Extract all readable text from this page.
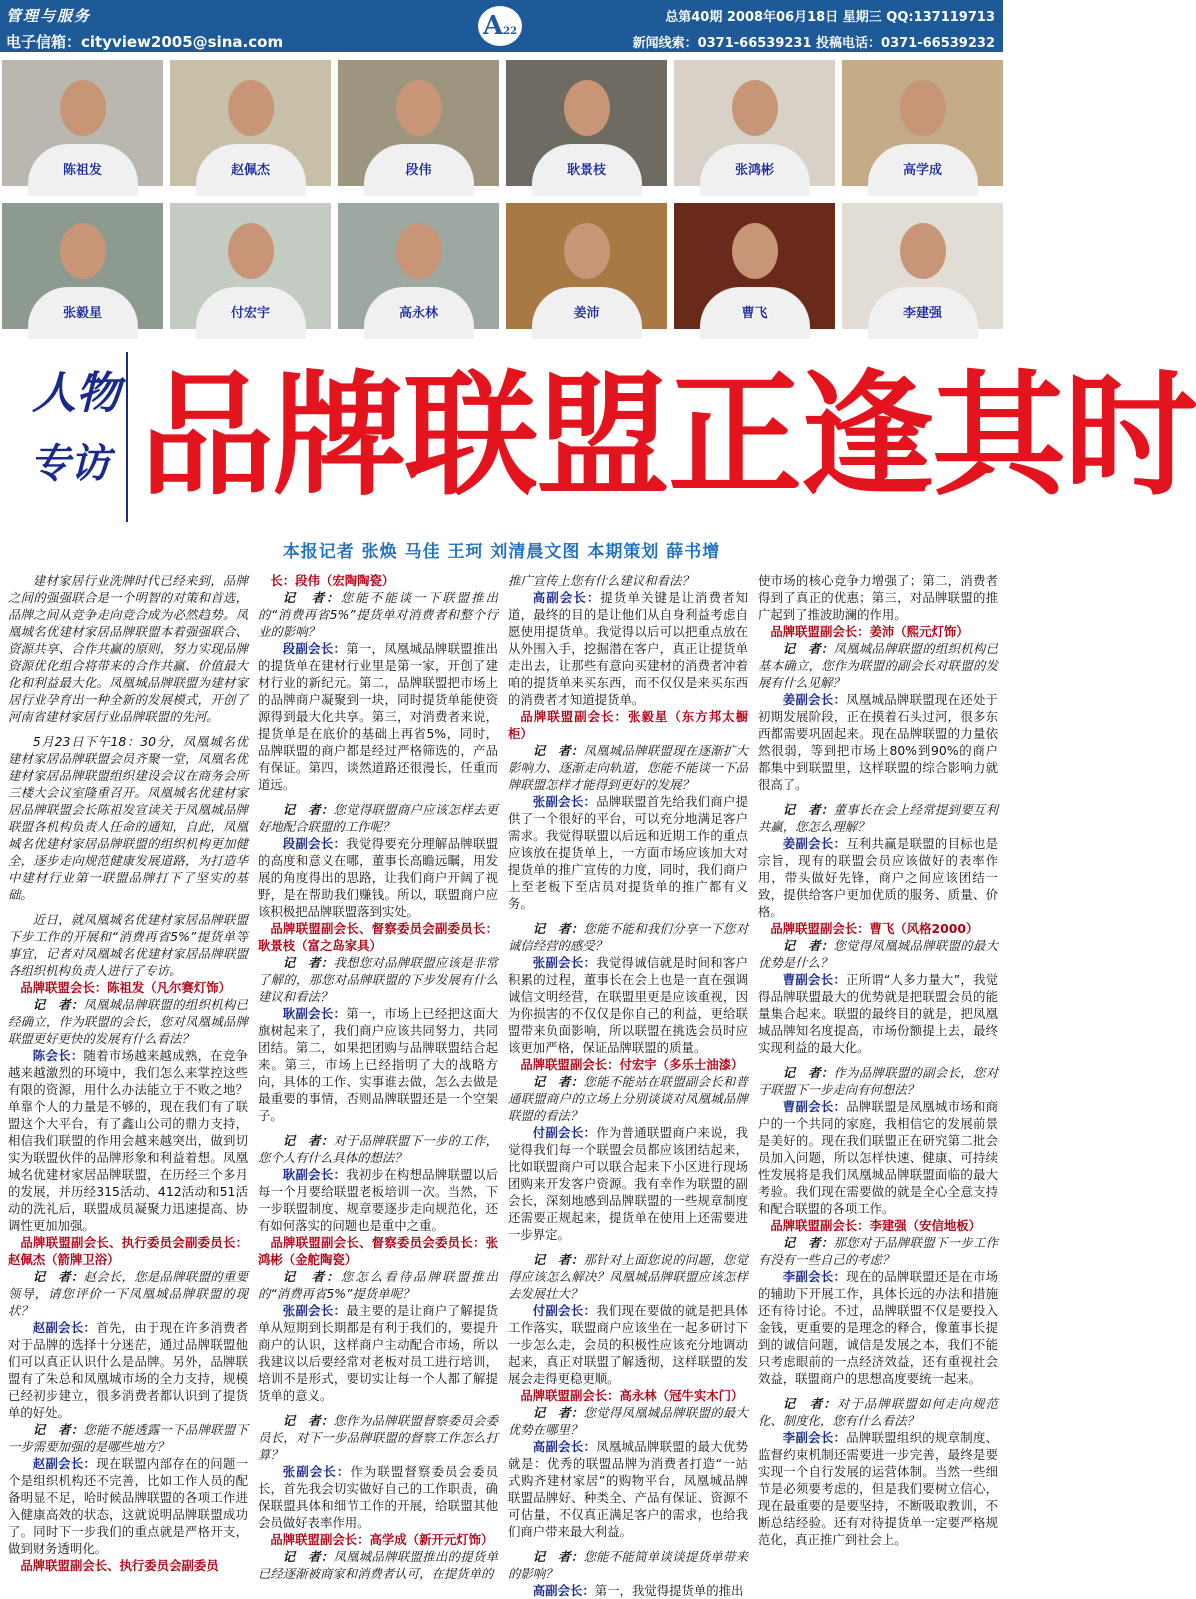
管理与服务
电子信箱：cityview2005@sina.com
A22
总第40期 2008年06月18日 星期三 QQ:137119713
新闻线索：0371-66539231 投稿电话：0371-66539232
陈祖发	赵佩杰	段伟	耿景枝	张鸿彬	高学成
张毅星	付宏宇	高永林	姜沛	曹飞	李建强
人物
专访 品牌联盟正逢其时
本报记者 张焕 马佳 王珂 刘清晨文图 本期策划 薛书增

建材家居行业洗牌时代已经来到，品牌之间的强强联合是一个明智的对策和首选，品牌之间从竞争走向竞合成为必然趋势。凤凰城名优建材家居品牌联盟本着强强联合、资源共享、合作共赢的原则，努力实现品牌资源优化组合将带来的合作共赢、价值最大化和利益最大化。凤凰城品牌联盟为建材家居行业孕育出一种全新的发展模式，开创了河南省建材家居行业品牌联盟的先河。

5月23日下午18：30分，凤凰城名优建材家居品牌联盟会员齐聚一堂，凤凰名优建材家居品牌联盟组织建设会议在商务会所三楼大会议室隆重召开。凤凰城名优建材家居品牌联盟会长陈祖发宣读关于凤凰城品牌联盟各机构负责人任命的通知，自此，凤凰城名优建材家居品牌联盟的组织机构更加健全，逐步走向规范健康发展道路，为打造华中建材行业第一联盟品牌打下了坚实的基础。

近日，就凤凰城名优建材家居品牌联盟下步工作的开展和“消费再省5%”提货单等事宜，记者对凤凰城名优建材家居品牌联盟各组织机构负责人进行了专访。

品牌联盟会长：陈祖发（凡尔赛灯饰）

记　者：凤凰城品牌联盟的组织机构已经确立，作为联盟的会长，您对凤凰城品牌联盟更好更快的发展有什么看法？

陈会长：随着市场越来越成熟，在竞争越来越激烈的环境中，我们怎么来掌控这些有限的资源，用什么办法能立于不败之地？单靠个人的力量是不够的，现在我们有了联盟这个大平台，有了鑫山公司的鼎力支持，相信我们联盟的作用会越来越突出，做到切实为联盟伙伴的品牌形象和利益着想。凤凰城名优建材家居品牌联盟，在历经三个多月的发展，并历经315活动、412活动和51活动的洗礼后，联盟成员凝聚力迅速提高、协调性更加加强。

品牌联盟副会长、执行委员会副委员长：赵佩杰（箭牌卫浴）

记　者：赵会长，您是品牌联盟的重要领导，请您评价一下凤凰城品牌联盟的现状？

赵副会长：首先，由于现在许多消费者对于品牌的选择十分迷茫，通过品牌联盟他们可以真正认识什么是品牌。另外，品牌联盟有了朱总和凤凰城市场的全力支持，规模已经初步建立，很多消费者都认识到了提货单的好处。

记　者：您能不能透露一下品牌联盟下一步需要加强的是哪些地方？

赵副会长：现在联盟内部存在的问题一个是组织机构还不完善，比如工作人员的配备明显不足，哈时候品牌联盟的各项工作进入健康高效的状态，这就说明品牌联盟成功了。同时下一步我们的重点就是严格开支，做到财务透明化。

品牌联盟副会长、执行委员会副委员

长：段伟（宏陶陶瓷）

记　者：您能不能谈一下联盟推出的“消费再省5%”提货单对消费者和整个行业的影响？

段副会长：第一，凤凰城品牌联盟推出的提货单在建材行业里是第一家，开创了建材行业的新纪元。第二，品牌联盟把市场上的品牌商户凝聚到一块，同时提货单能使资源得到最大化共享。第三，对消费者来说，提货单是在底价的基础上再省5%，同时，品牌联盟的商户都是经过严格筛选的，产品有保证。第四，谈然道路还很漫长，任重而道远。

记　者：您觉得联盟商户应该怎样去更好地配合联盟的工作呢？

段副会长：我觉得要充分理解品牌联盟的高度和意义在哪，董事长高瞻远瞩，用发展的角度得出的思路，让我们商户开阔了视野，是在帮助我们赚钱。所以，联盟商户应该积极把品牌联盟落到实处。

品牌联盟副会长、督察委员会副委员长：耿景枝（富之岛家具）

记　者：我想您对品牌联盟应该是非常了解的，那您对品牌联盟的下步发展有什么建议和看法？

耿副会长：第一，市场上已经把这面大旗树起来了，我们商户应该共同努力，共同团结。第二，如果把团购与品牌联盟结合起来。第三，市场上已经指明了大的战略方向，具体的工作、实事谁去做，怎么去做是最重要的事情，否则品牌联盟还是一个空架子。

记　者：对于品牌联盟下一步的工作，您个人有什么具体的想法？

耿副会长：我初步在构想品牌联盟以后每一个月要给联盟老板培训一次。当然，下一步联盟制度、规章要逐步走向规范化，还有如何落实的问题也是重中之重。

品牌联盟副会长、督察委员会委员长：张鸿彬（金舵陶瓷）

记　者：您怎么看待品牌联盟推出的“消费再省5%”提货单呢？

张副会长：最主要的是让商户了解提货单从短期到长期都是有利于我们的，要提升商户的认识，这样商户主动配合市场，所以我建议以后要经常对老板对员工进行培训，培训不是形式，要切实让每一个人都了解提货单的意义。

记　者：您作为品牌联盟督察委员会委员长，对下一步品牌联盟的督察工作怎么打算？

张副会长：作为联盟督察委员会委员长，首先我会切实做好自己的工作职责，确保联盟具体和细节工作的开展，给联盟其他会员做好表率作用。

品牌联盟副会长：高学成（新开元灯饰）

记　者：凤凰城品牌联盟推出的提货单已经逐渐被商家和消费者认可，在提货单的

推广宣传上您有什么建议和看法？

高副会长：提货单关键是让消费者知道，最终的目的是让他们从自身利益考虑自愿使用提货单。我觉得以后可以把重点放在从外围入手，挖掘潜在客户，真正让提货单走出去，让那些有意向买建材的消费者冲着咱的提货单来买东西，而不仅仅是来买东西的消费者才知道提货单。

品牌联盟副会长：张毅星（东方邦太橱柜）

记　者：凤凰城品牌联盟现在逐渐扩大影响力、逐渐走向轨道，您能不能谈一下品牌联盟怎样才能得到更好的发展？

张副会长：品牌联盟首先给我们商户提供了一个很好的平台，可以充分地满足客户需求。我觉得联盟以后远和近期工作的重点应该放在提货单上，一方面市场应该加大对提货单的推广宣传的力度，同时，我们商户上至老板下至店员对提货单的推广都有义务。

记　者：您能不能和我们分享一下您对诚信经营的感受？

张副会长：我觉得诚信就是时间和客户积累的过程，董事长在会上也是一直在强调诚信文明经营，在联盟里更是应该重视，因为你损害的不仅仅是你自己的利益，更给联盟带来负面影响，所以联盟在挑选会员时应该更加严格，保证品牌联盟的质量。

品牌联盟副会长：付宏宇（多乐士油漆）

记　者：您能不能站在联盟副会长和普通联盟商户的立场上分别谈谈对凤凰城品牌联盟的看法？

付副会长：作为普通联盟商户来说，我觉得我们每一个联盟会员都应该团结起来，比如联盟商户可以联合起来下小区进行现场团购来开发客户资源。我有幸作为联盟的副会长，深刻地感到品牌联盟的一些规章制度还需要正规起来，提货单在使用上还需要进一步界定。

记　者：那针对上面您说的问题，您觉得应该怎么解决？凤凰城品牌联盟应该怎样去发展壮大？

付副会长：我们现在要做的就是把具体工作落实，联盟商户应该坐在一起多研讨下一步怎么走，会员的积极性应该充分地调动起来，真正对联盟了解透彻，这样联盟的发展会走得更稳更顺。

品牌联盟副会长：高永林（冠牛实木门）

记　者：您觉得凤凰城品牌联盟的最大优势在哪里？

高副会长：凤凰城品牌联盟的最大优势就是：优秀的联盟品牌为消费者打造“一站式购齐建材家居”的购物平台，凤凰城品牌联盟品牌好、种类全、产品有保证、资源不可估量，不仅真正满足客户的需求，也给我们商户带来最大利益。

记　者：您能不能简单谈谈提货单带来的影响？

高副会长：第一，我觉得提货单的推出

使市场的核心竞争力增强了；第二，消费者得到了真正的优惠；第三，对品牌联盟的推广起到了推波助澜的作用。

品牌联盟副会长：姜沛（熙元灯饰）

记　者：凤凰城品牌联盟的组织机构已基本确立，您作为联盟的副会长对联盟的发展有什么见解？

姜副会长：凤凰城品牌联盟现在还处于初期发展阶段，正在摸着石头过河，很多东西都需要巩固起来。现在品牌联盟的力量依然很弱，等到把市场上80%到90%的商户都集中到联盟里，这样联盟的综合影响力就很高了。

记　者：董事长在会上经常提到要互利共赢，您怎么理解？

姜副会长：互利共赢是联盟的目标也是宗旨，现有的联盟会员应该做好的表率作用，带头做好先锋，商户之间应该团结一致，提供给客户更加优质的服务、质量、价格。

品牌联盟副会长：曹飞（风格2000）

记　者：您觉得凤凰城品牌联盟的最大优势是什么？

曹副会长：正所谓“人多力量大”，我觉得品牌联盟最大的优势就是把联盟会员的能量集合起来。联盟的最终目的就是，把凤凰城品牌知名度提高，市场份额提上去，最终实现利益的最大化。

记　者：作为品牌联盟的副会长，您对于联盟下一步走向有何想法？

曹副会长：品牌联盟是凤凰城市场和商户的一个共同的家庭，我相信它的发展前景是美好的。现在我们联盟正在研究第二批会员加入问题，所以怎样快速、健康、可持续性发展将是我们凤凰城品牌联盟面临的最大考验。我们现在需要做的就是全心全意支持和配合联盟的各项工作。

品牌联盟副会长：李建强（安信地板）

记　者：那您对于品牌联盟下一步工作有没有一些自己的考虑？

李副会长：现在的品牌联盟还是在市场的辅助下开展工作，具体长远的办法和措施还有待讨论。不过，品牌联盟不仅是要投入金钱，更重要的是理念的释合，像董事长提到的诚信问题，诚信是发展之本，我们不能只考虑眼前的一点经济效益，还有重视社会效益，联盟商户的思想高度要统一起来。

记　者：对于品牌联盟如何走向规范化、制度化，您有什么看法？

李副会长：品牌联盟组织的规章制度、监督约束机制还需要进一步完善，最终是要实现一个自行发展的运营体制。当然一些细节是必须要考虑的，但是我们要树立信心，现在最重要的是要坚持，不断吸取教训，不断总结经验。还有对待提货单一定要严格规范化，真正推广到社会上。
